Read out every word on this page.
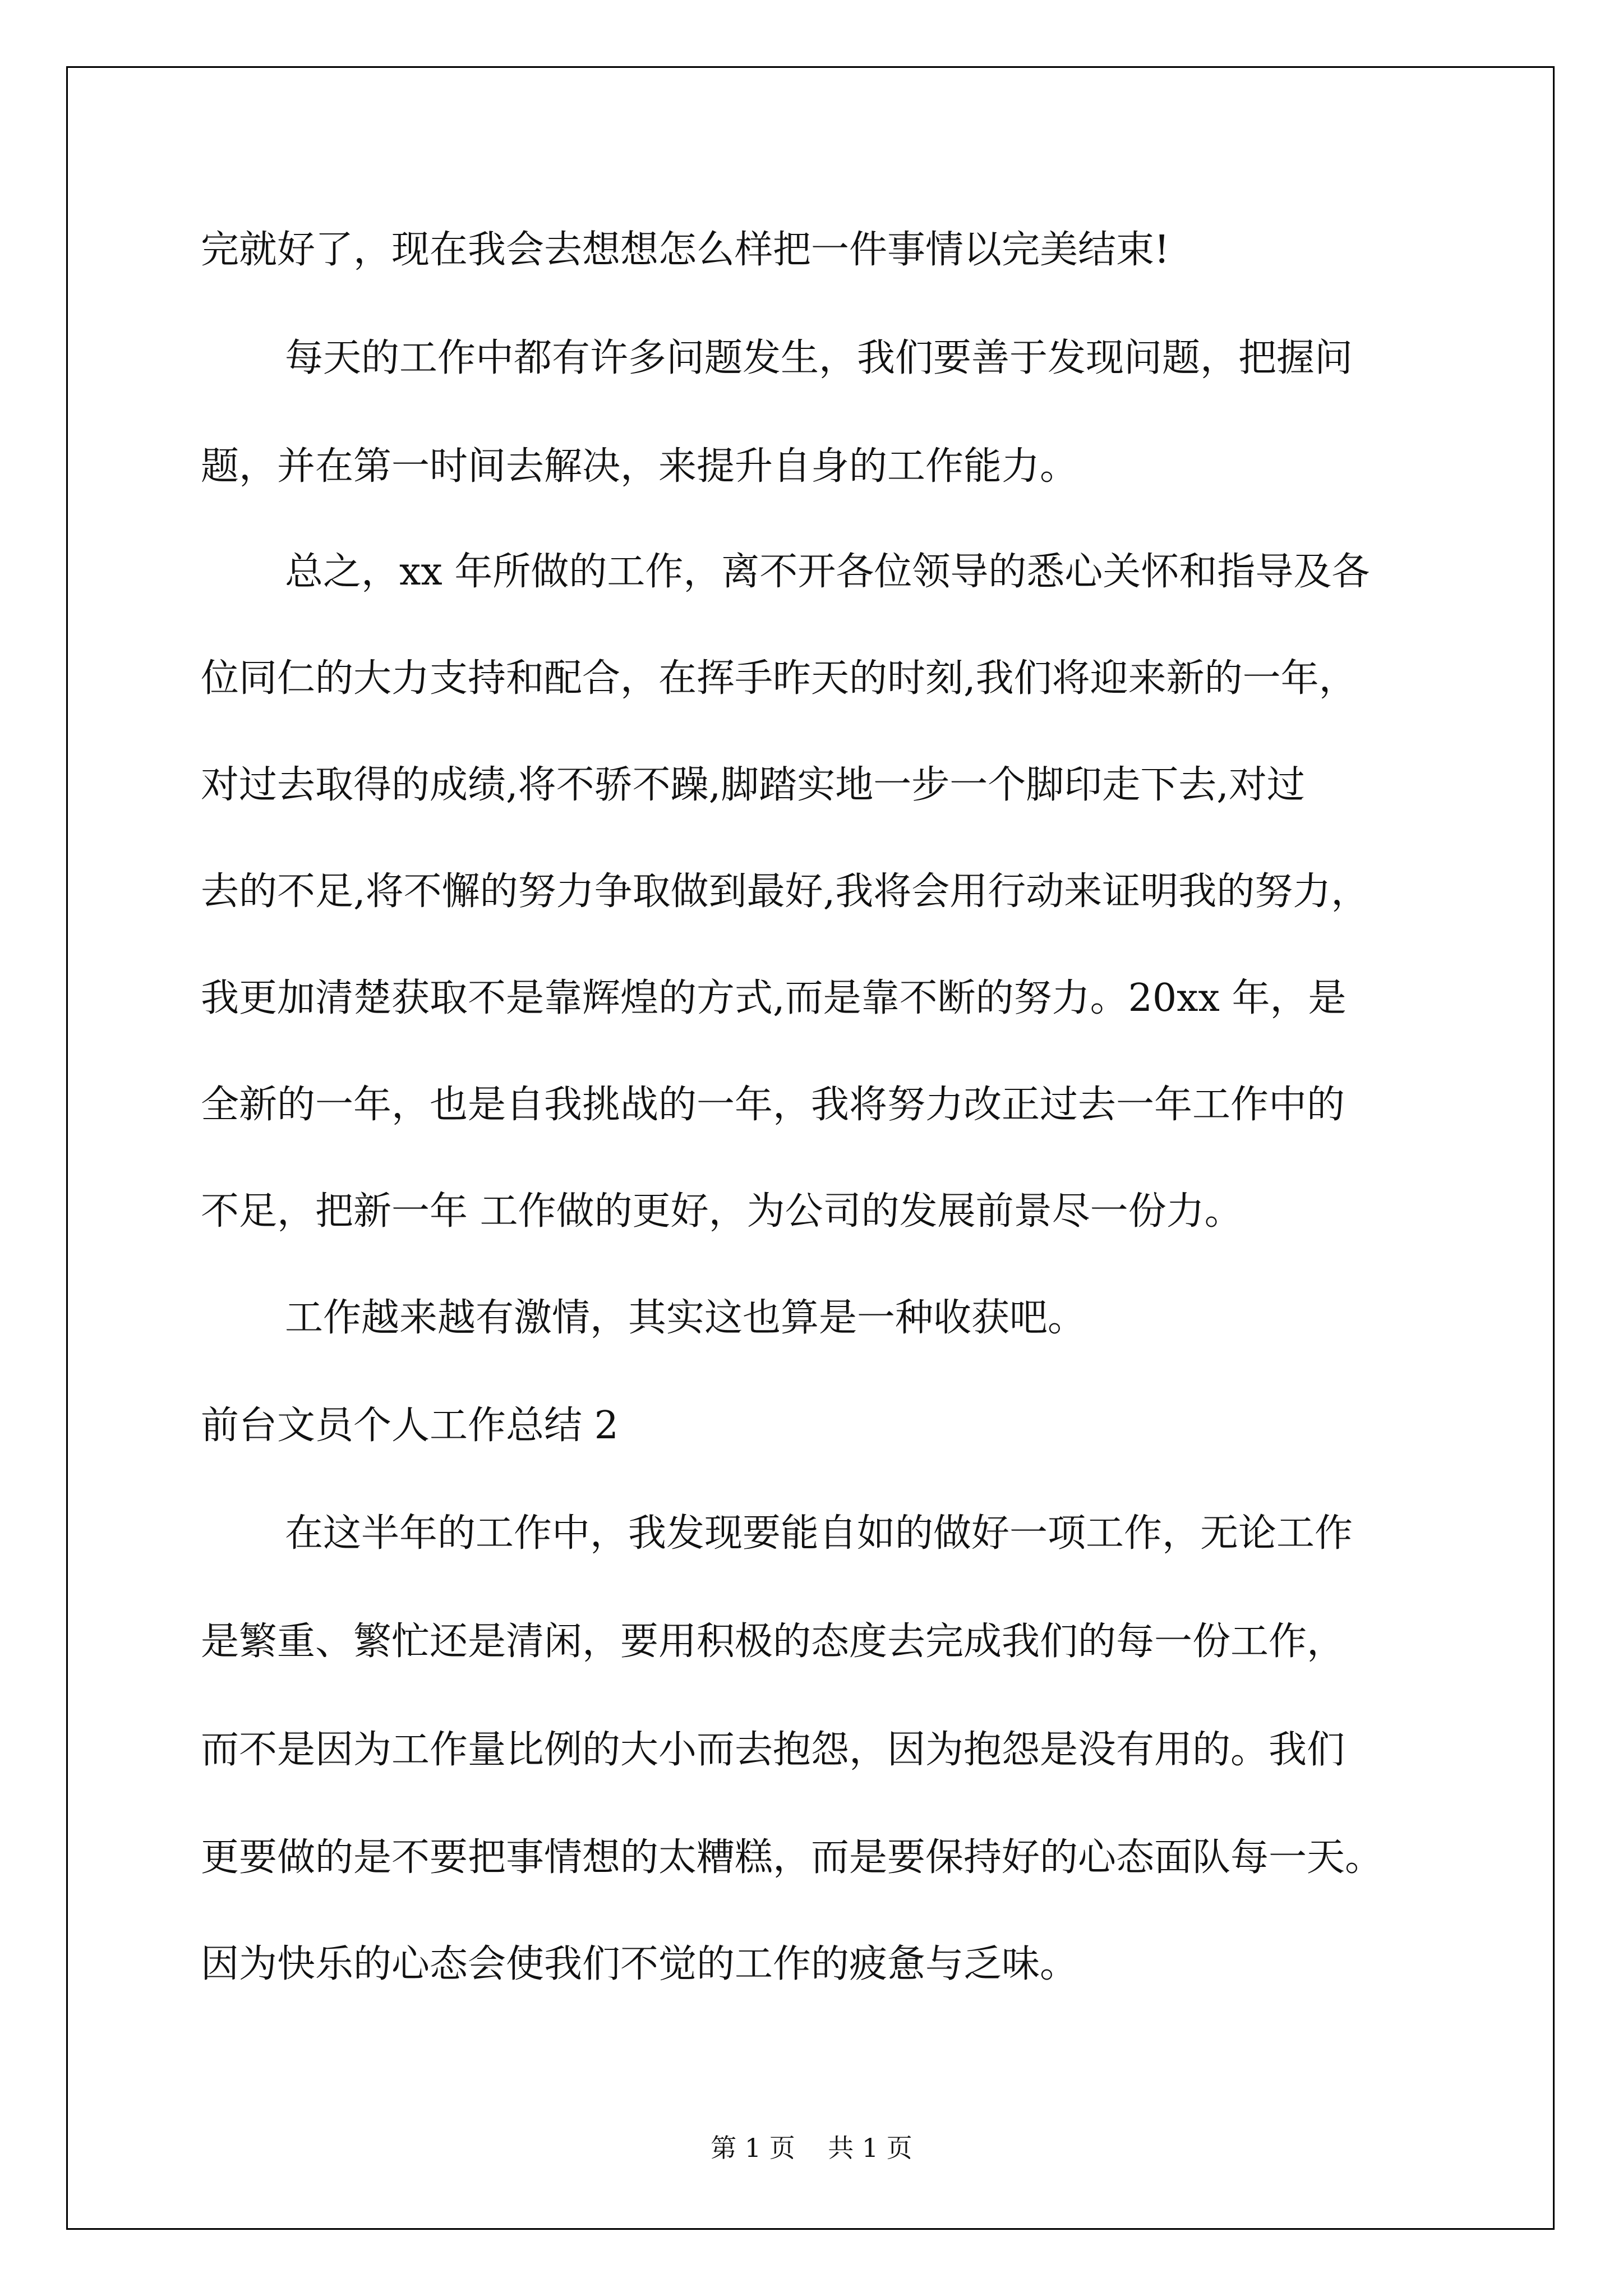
完就好了，现在我会去想想怎么样把一件事情以完美结束!
每天的工作中都有许多问题发生，我们要善于发现问题，把握问
题，并在第一时间去解决，来提升自身的工作能力。
总之，xx 年所做的工作，离不开各位领导的悉心关怀和指导及各
位同仁的大力支持和配合，在挥手昨天的时刻,我们将迎来新的一年，
对过去取得的成绩,将不骄不躁,脚踏实地一步一个脚印走下去,对过
去的不足,将不懈的努力争取做到最好,我将会用行动来证明我的努力，
我更加清楚获取不是靠辉煌的方式,而是靠不断的努力。20xx 年，是
全新的一年，也是自我挑战的一年，我将努力改正过去一年工作中的
不足，把新一年 工作做的更好，为公司的发展前景尽一份力。
工作越来越有激情，其实这也算是一种收获吧。
前台文员个人工作总结 2
在这半年的工作中，我发现要能自如的做好一项工作，无论工作
是繁重、繁忙还是清闲，要用积极的态度去完成我们的每一份工作，
而不是因为工作量比例的大小而去抱怨，因为抱怨是没有用的。我们
更要做的是不要把事情想的太糟糕，而是要保持好的心态面队每一天。
因为快乐的心态会使我们不觉的工作的疲惫与乏味。
第 1 页    共 1 页
